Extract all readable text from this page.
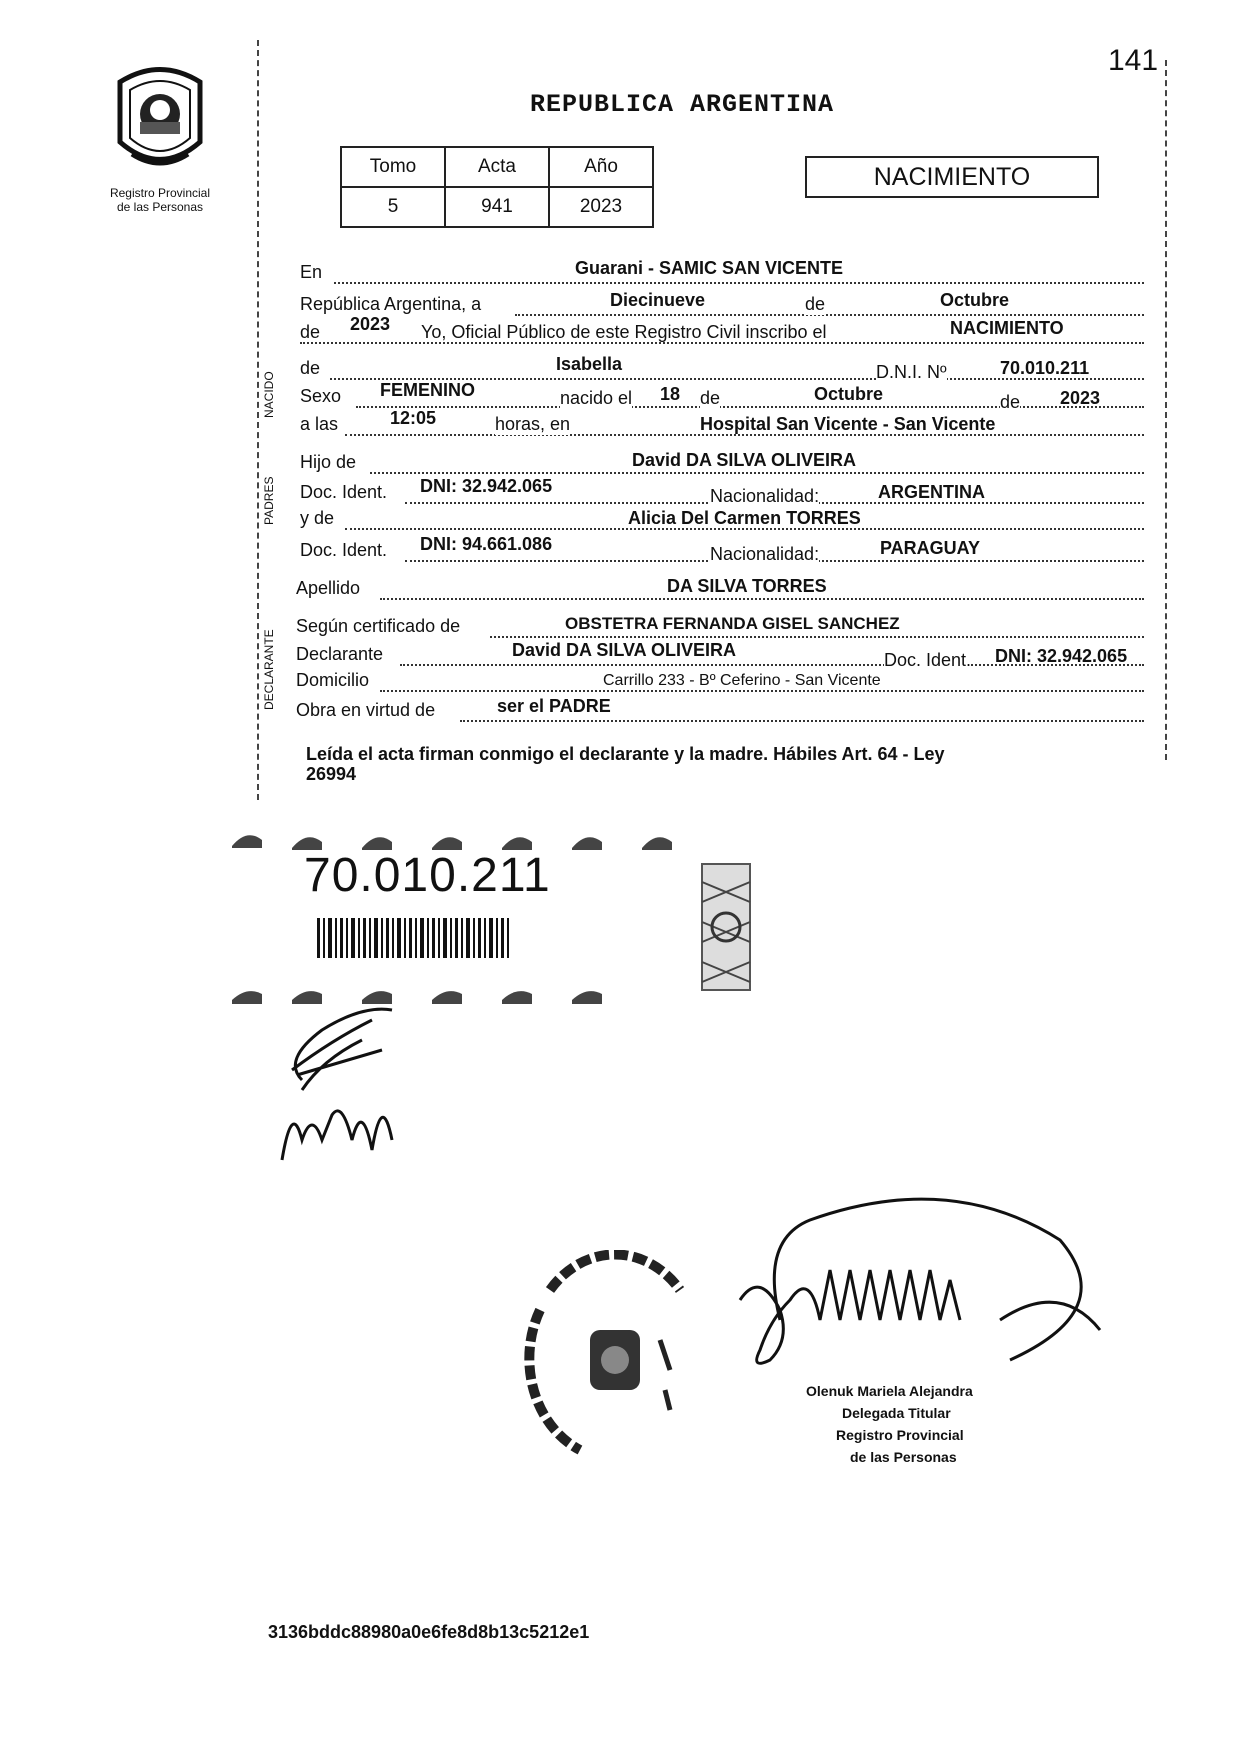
141
Registro Provincial
de las Personas
REPUBLICA ARGENTINA
Tomo	Acta	Año
5	941	2023
NACIMIENTO
NACIDO
PADRES
DECLARANTE
En	Guarani - SAMIC SAN VICENTE
República Argentina, a	Diecinueve	de	Octubre
de 2023 Yo, Oficial Público de este Registro Civil inscribo el	NACIMIENTO
de	Isabella	D.N.I. Nº	70.010.211
Sexo FEMENINO	nacido el 18 de	Octubre	de 2023
a las	12:05	horas, en	Hospital San Vicente - San Vicente
Hijo de	David DA SILVA OLIVEIRA
Doc. Ident. DNI: 32.942.065	Nacionalidad:	ARGENTINA
y de	Alicia Del Carmen TORRES
Doc. Ident. DNI: 94.661.086	Nacionalidad:	PARAGUAY
Apellido	DA SILVA TORRES
Según certificado de	OBSTETRA FERNANDA GISEL SANCHEZ
Declarante	David DA SILVA OLIVEIRA	Doc. Ident. DNI: 32.942.065
Domicilio	Carrillo 233 - Bº Ceferino - San Vicente
Obra en virtud de	ser el PADRE
Leída el acta firman conmigo el declarante y la madre. Hábiles Art. 64 - Ley
26994
70.010.211
Olenuk Mariela Alejandra
Delegada Titular
Registro Provincial
de las Personas
3136bddc88980a0e6fe8d8b13c5212e1
